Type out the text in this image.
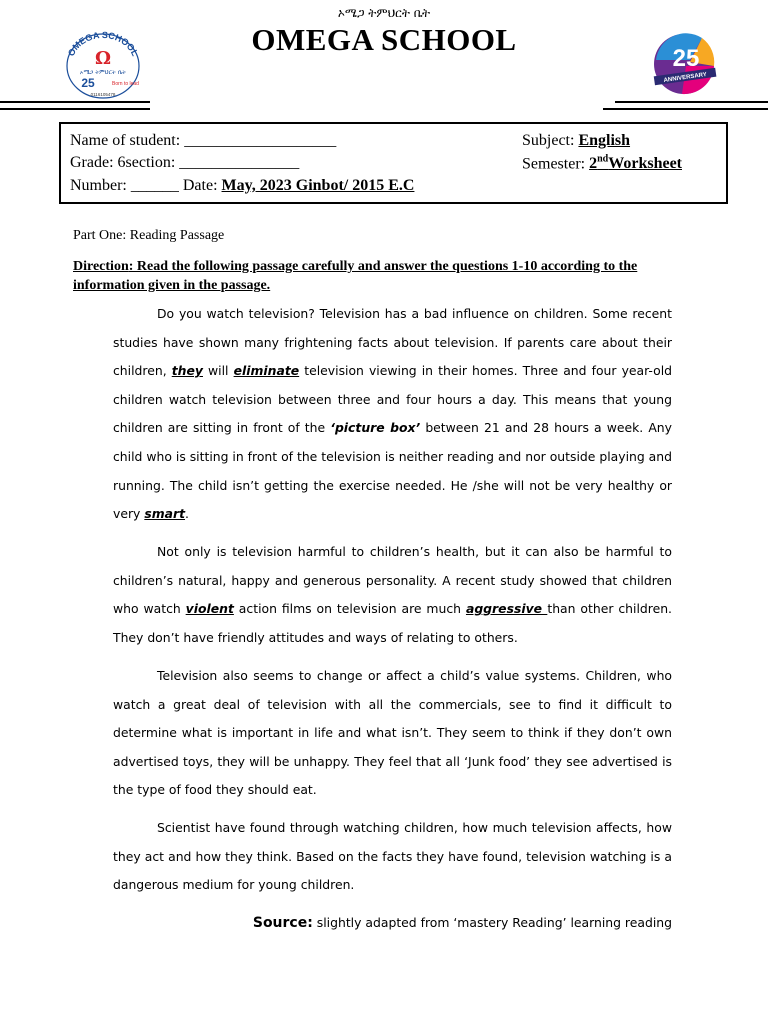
ኦሜጋ ትምህርት ቤት
OMEGA SCHOOL
OMEGA SCHOOL
Ω
ኦሜጋ ትምህርት ቤት
25	Born to lead
0116105478
25
ANNIVERSARY
Name of student: ___________________
Grade: 6section: _______________
Number: ______ Date: May, 2023 Ginbot/ 2015 E.C
Subject: English
Semester: 2ndWorksheet
Part One: Reading Passage
Direction: Read the following passage carefully and answer the questions 1-10 according to the information given in the passage.

Do you watch television? Television has a bad influence on children. Some recent studies have shown many frightening facts about television. If parents care about their children, they will eliminate television viewing in their homes. Three and four year-old children watch television between three and four hours a day. This means that young children are sitting in front of the ‘picture box’ between 21 and 28 hours a week. Any child who is sitting in front of the television is neither reading and nor outside playing and running. The child isn’t getting the exercise needed. He /she will not be very healthy or very smart.

Not only is television harmful to children’s health, but it can also be harmful to children’s natural, happy and generous personality. A recent study showed that children who watch violent action films on television are much aggressive than other children. They don’t have friendly attitudes and ways of relating to others.

Television also seems to change or affect a child’s value systems. Children, who watch a great deal of television with all the commercials, see to find it difficult to determine what is important in life and what isn’t. They seem to think if they don’t own advertised toys, they will be unhappy. They feel that all ‘Junk food’ they see advertised is the type of food they should eat.

Scientist have found through watching children, how much television affects, how they act and how they think. Based on the facts they have found, television watching is a dangerous medium for young children.

Source: slightly adapted from ‘mastery Reading’ learning reading
